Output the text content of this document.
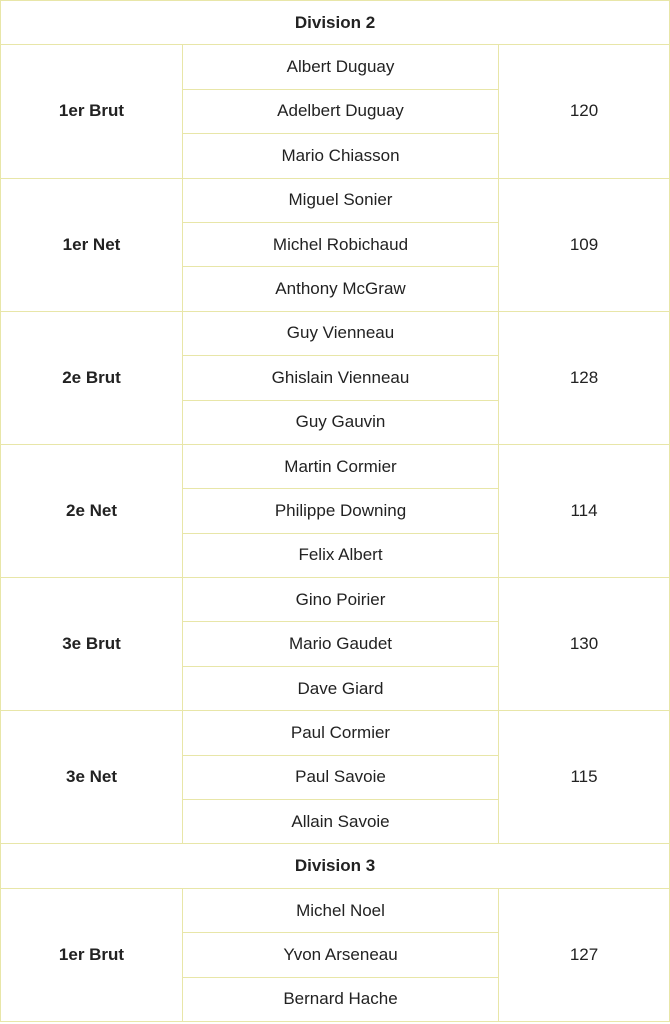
Division 2		
1er Brut	Albert Duguay	120
	Adelbert Duguay	
	Mario Chiasson	
1er Net	Miguel Sonier	109
	Michel Robichaud	
	Anthony McGraw	
2e Brut	Guy Vienneau	128
	Ghislain Vienneau	
	Guy Gauvin	
2e Net	Martin Cormier	114
	Philippe Downing	
	Felix Albert	
3e Brut	Gino Poirier	130
	Mario Gaudet	
	Dave Giard	
3e Net	Paul Cormier	115
	Paul Savoie	
	Allain Savoie	
Division 3		
1er Brut	Michel Noel	127
	Yvon Arseneau	
	Bernard Hache	
